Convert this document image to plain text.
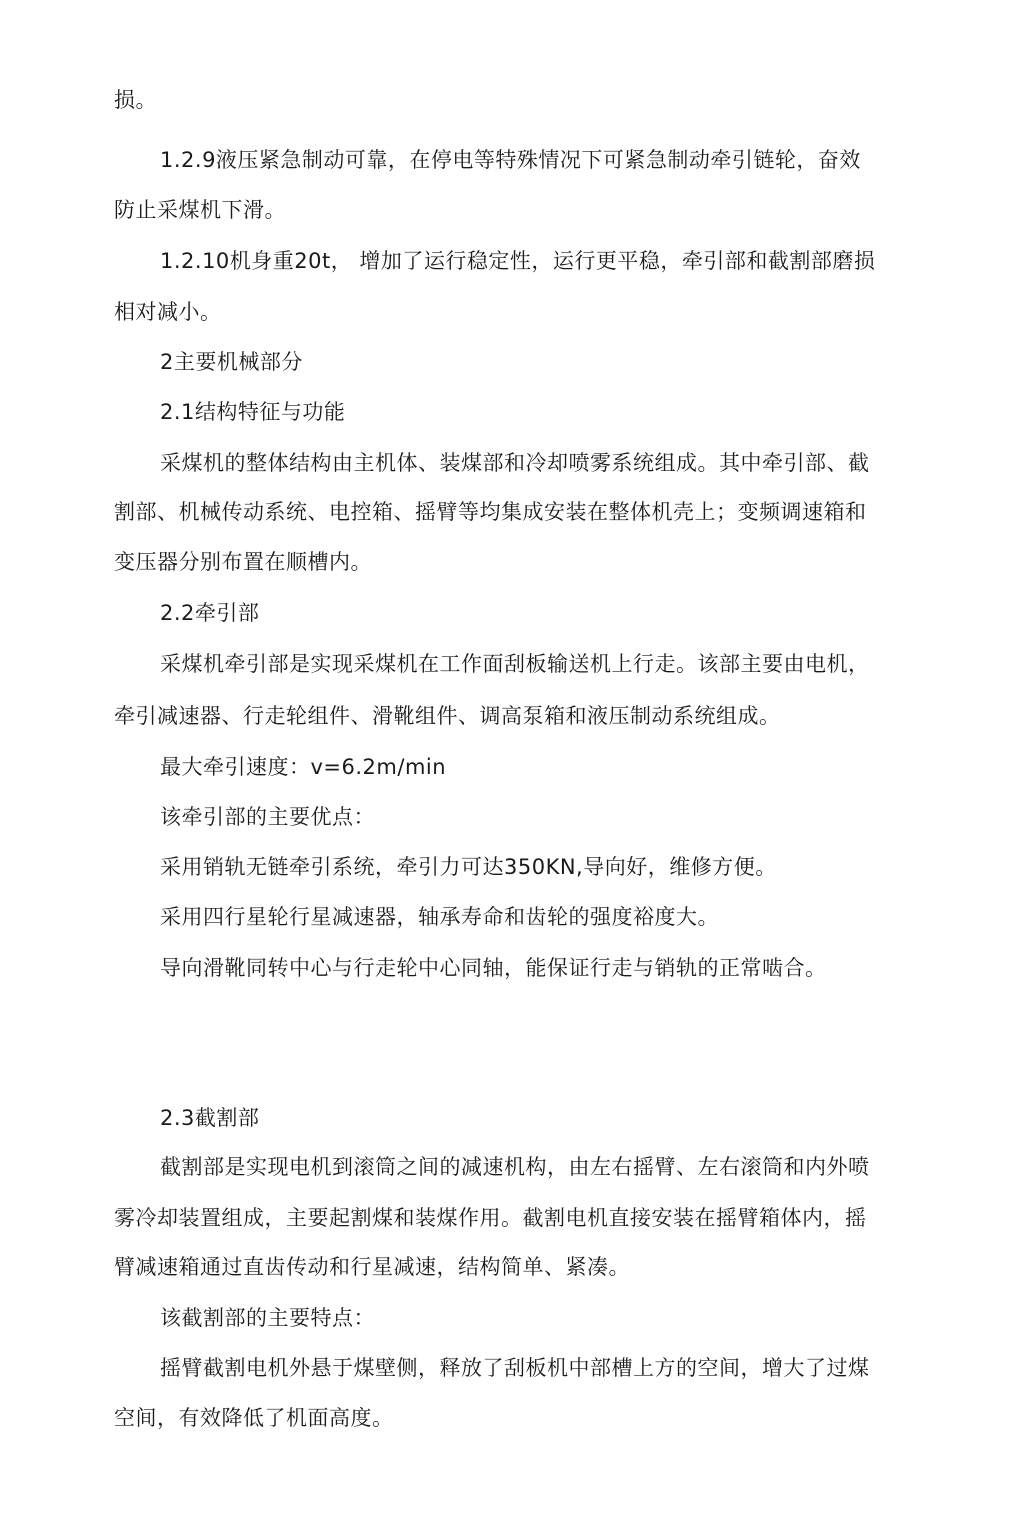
损。
1.2.9液压紧急制动可靠，在停电等特殊情况下可紧急制动牵引链轮，奋效
防止采煤机下滑。
1.2.10机身重20t， 增加了运行稳定性，运行更平稳，牵引部和截割部磨损
相对减小。
2主要机械部分
2.1结构特征与功能
采煤机的整体结构由主机体、装煤部和冷却喷雾系统组成。其中牵引部、截
割部、机械传动系统、电控箱、摇臂等均集成安装在整体机壳上；变频调速箱和
变压器分别布置在顺槽内。
2.2牵引部
采煤机牵引部是实现采煤机在工作面刮板输送机上行走。该部主要由电机，
牵引减速器、行走轮组件、滑靴组件、调高泵箱和液压制动系统组成。
最大牵引速度：v=6.2m/min
该牵引部的主要优点：
采用销轨无链牵引系统，牵引力可达350KN,导向好，维修方便。
采用四行星轮行星减速器，轴承寿命和齿轮的强度裕度大。
导向滑靴同转中心与行走轮中心同轴，能保证行走与销轨的正常啮合。
2.3截割部
截割部是实现电机到滚筒之间的减速机构，由左右摇臂、左右滚筒和内外喷
雾冷却装置组成，主要起割煤和装煤作用。截割电机直接安装在摇臂箱体内，摇
臂减速箱通过直齿传动和行星减速，结构简单、紧凑。
该截割部的主要特点：
摇臂截割电机外悬于煤壁侧，释放了刮板机中部槽上方的空间，增大了过煤
空间，有效降低了机面高度。
